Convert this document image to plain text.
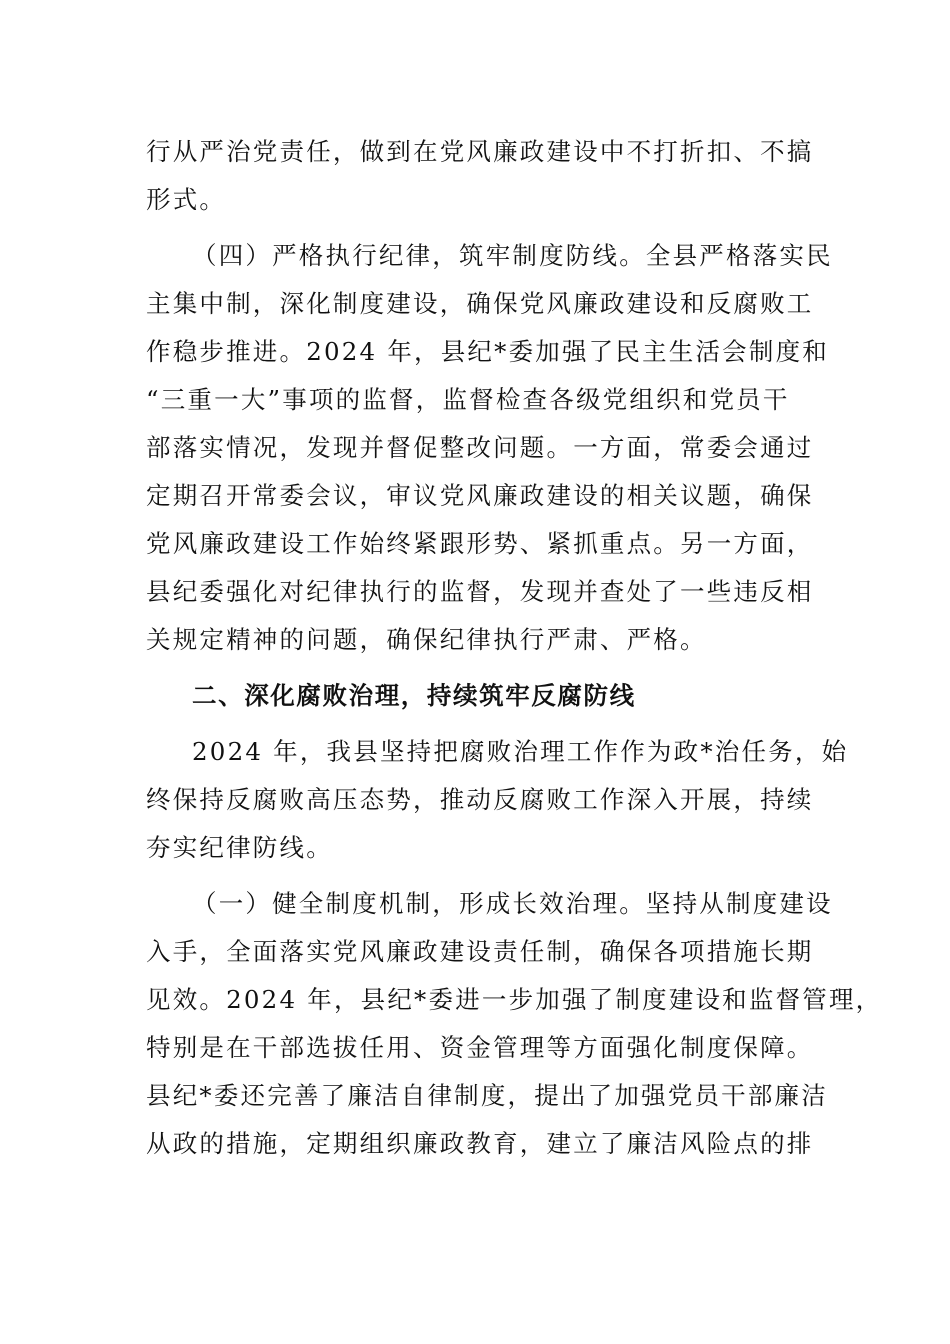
行从严治党责任，做到在党风廉政建设中不打折扣、不搞
形式。
（四）严格执行纪律，筑牢制度防线。全县严格落实民
主集中制，深化制度建设，确保党风廉政建设和反腐败工
作稳步推进。2024 年，县纪*委加强了民主生活会制度和
“三重一大”事项的监督，监督检查各级党组织和党员干
部落实情况，发现并督促整改问题。一方面，常委会通过
定期召开常委会议，审议党风廉政建设的相关议题，确保
党风廉政建设工作始终紧跟形势、紧抓重点。另一方面，
县纪委强化对纪律执行的监督，发现并查处了一些违反相
关规定精神的问题，确保纪律执行严肃、严格。
二、深化腐败治理，持续筑牢反腐防线
2024 年，我县坚持把腐败治理工作作为政*治任务，始
终保持反腐败高压态势，推动反腐败工作深入开展，持续
夯实纪律防线。
（一）健全制度机制，形成长效治理。坚持从制度建设
入手，全面落实党风廉政建设责任制，确保各项措施长期
见效。2024 年，县纪*委进一步加强了制度建设和监督管理，
特别是在干部选拔任用、资金管理等方面强化制度保障。
县纪*委还完善了廉洁自律制度，提出了加强党员干部廉洁
从政的措施，定期组织廉政教育，建立了廉洁风险点的排
